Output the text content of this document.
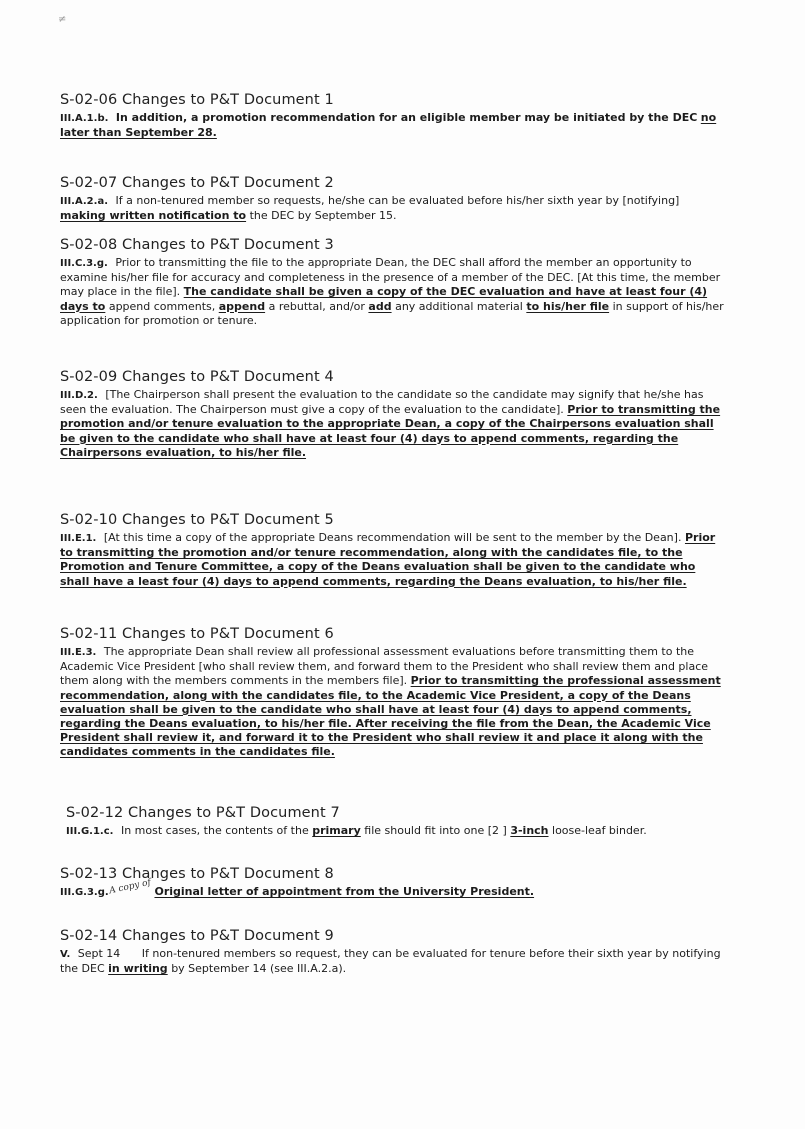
≠
S-02-06 Changes to P&T Document 1

III.A.1.b. In addition, a promotion recommendation for an eligible member may be initiated by the DEC no later than September 28.

S-02-07 Changes to P&T Document 2

III.A.2.a. If a non-tenured member so requests, he/she can be evaluated before his/her sixth year by [notifying] making written notification to the DEC by September 15.

S-02-08 Changes to P&T Document 3

III.C.3.g. Prior to transmitting the file to the appropriate Dean, the DEC shall afford the member an opportunity to examine his/her file for accuracy and completeness in the presence of a member of the DEC. [At this time, the member may place in the file]. The candidate shall be given a copy of the DEC evaluation and have at least four (4) days to append comments, append a rebuttal, and/or add any additional material to his/her file in support of his/her application for promotion or tenure.

S-02-09 Changes to P&T Document 4

III.D.2. [The Chairperson shall present the evaluation to the candidate so the candidate may signify that he/she has seen the evaluation. The Chairperson must give a copy of the evaluation to the candidate]. Prior to transmitting the promotion and/or tenure evaluation to the appropriate Dean, a copy of the Chairpersons evaluation shall be given to the candidate who shall have at least four (4) days to append comments, regarding the Chairpersons evaluation, to his/her file.

S-02-10 Changes to P&T Document 5

III.E.1. [At this time a copy of the appropriate Deans recommendation will be sent to the member by the Dean]. Prior to transmitting the promotion and/or tenure recommendation, along with the candidates file, to the Promotion and Tenure Committee, a copy of the Deans evaluation shall be given to the candidate who shall have a least four (4) days to append comments, regarding the Deans evaluation, to his/her file.

S-02-11 Changes to P&T Document 6

III.E.3. The appropriate Dean shall review all professional assessment evaluations before transmitting them to the Academic Vice President [who shall review them, and forward them to the President who shall review them and place them along with the members comments in the members file]. Prior to transmitting the professional assessment recommendation, along with the candidates file, to the Academic Vice President, a copy of the Deans evaluation shall be given to the candidate who shall have at least four (4) days to append comments, regarding the Deans evaluation, to his/her file. After receiving the file from the Dean, the Academic Vice President shall review it, and forward it to the President who shall review it and place it along with the candidates comments in the candidates file.

S-02-12 Changes to P&T Document 7

III.G.1.c. In most cases, the contents of the primary file should fit into one [2 ] 3-inch loose-leaf binder.

S-02-13 Changes to P&T Document 8

III.G.3.g.A copy of Original letter of appointment from the University President.

S-02-14 Changes to P&T Document 9

V. Sept 14 If non-tenured members so request, they can be evaluated for tenure before their sixth year by notifying the DEC in writing by September 14 (see III.A.2.a).
